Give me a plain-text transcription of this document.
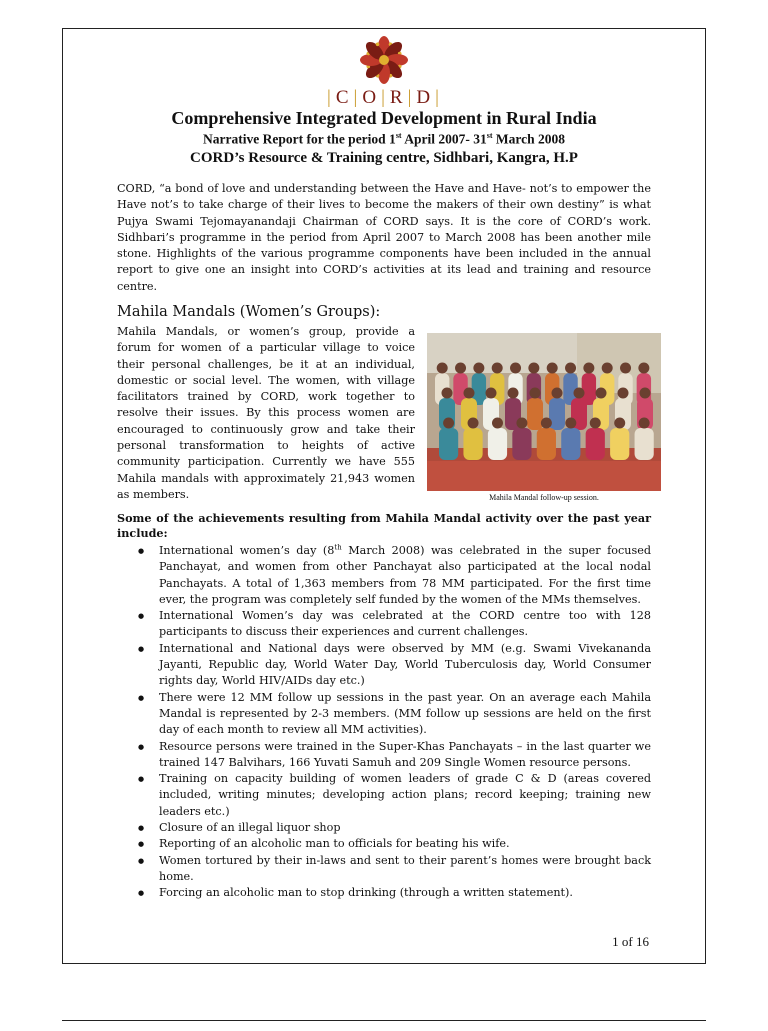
| C | O | R | D |
Comprehensive Integrated Development in Rural India
Narrative Report for the period 1st April 2007- 31st March 2008
CORD’s Resource & Training centre, Sidhbari, Kangra, H.P

CORD, “a bond of love and understanding between the Have and Have- not’s to empower the Have not’s to take charge of their lives to become the makers of their own destiny” is what Pujya Swami Tejomayanandaji Chairman of CORD says. It is the core of CORD’s work. Sidhbari’s programme in the period from April 2007 to March 2008 has been another mile stone. Highlights of the various programme components have been included in the annual report to give one an insight into CORD’s activities at its lead and training and resource centre.

Mahila Mandals (Women’s Groups):

Mahila Mandals, or women’s group, provide a forum for women of a particular village to voice their personal challenges, be it at an individual, domestic or social level. The women, with village facilitators trained by CORD, work together to resolve their issues. By this process women are encouraged to continuously grow and take their personal transformation to heights of active community participation. Currently we have 555 Mahila mandals with approximately 21,943 women as members.	Mahila Mandal follow-up session.
Some of the achievements resulting from Mahila Mandal activity over the past year include:
● International women’s day (8th March 2008) was celebrated in the super focused Panchayat, and women from other Panchayat also participated at the local nodal Panchayats. A total of 1,363 members from 78 MM participated. For the first time ever, the program was completely self funded by the women of the MMs themselves.
● International Women’s day was celebrated at the CORD centre too with 128 participants to discuss their experiences and current challenges.
● International and National days were observed by MM (e.g. Swami Vivekananda Jayanti, Republic day, World Water Day, World Tuberculosis day, World Consumer rights day, World HIV/AIDs day etc.)
● There were 12 MM follow up sessions in the past year. On an average each Mahila Mandal is represented by 2-3 members. (MM follow up sessions are held on the first day of each month to review all MM activities).
● Resource persons were trained in the Super-Khas Panchayats – in the last quarter we trained 147 Balvihars, 166 Yuvati Samuh and 209 Single Women resource persons.
● Training on capacity building of women leaders of grade C & D (areas covered included, writing minutes; developing action plans; record keeping; training new leaders etc.)
● Closure of an illegal liquor shop
● Reporting of an alcoholic man to officials for beating his wife.
● Women tortured by their in-laws and sent to their parent’s homes were brought back home.
● Forcing an alcoholic man to stop drinking (through a written statement).
1 of 16
